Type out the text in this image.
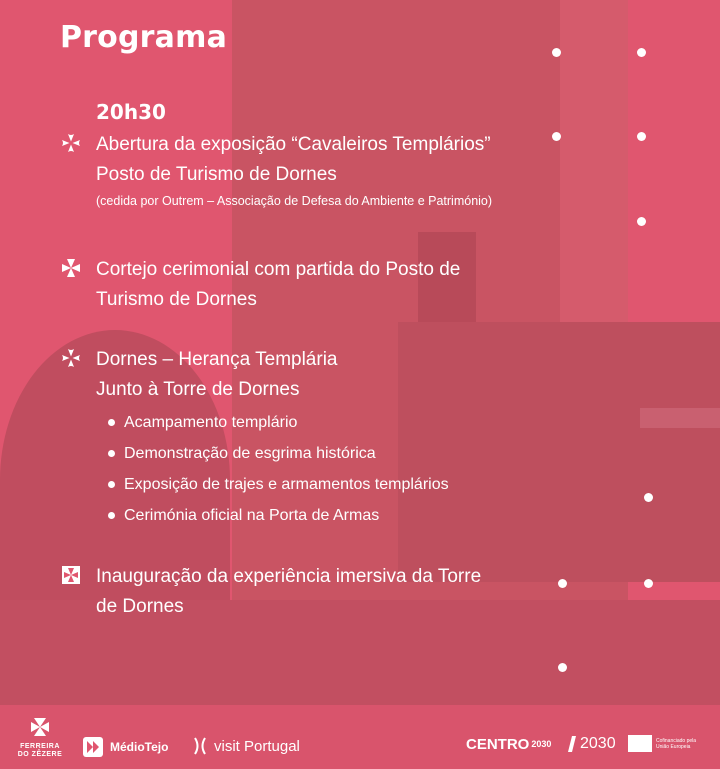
Programa
20h30
Abertura da exposição “Cavaleiros Templários”
Posto de Turismo de Dornes
(cedida por Outrem – Associação de Defesa do Ambiente e Património)
Cortejo cerimonial com partida do Posto de
Turismo de Dornes
Dornes – Herança Templária
Junto à Torre de Dornes
Acampamento templário
Demonstração de esgrima histórica
Exposição de trajes e armamentos templários
Cerimónia oficial na Porta de Armas
Inauguração da experiência imersiva da Torre
de Dornes
FERREIRA
DO ZÊZERE
MédioTejo	visit Portugal	CENTRO 2030 2030	Cofinanciado pela
União Europeia
